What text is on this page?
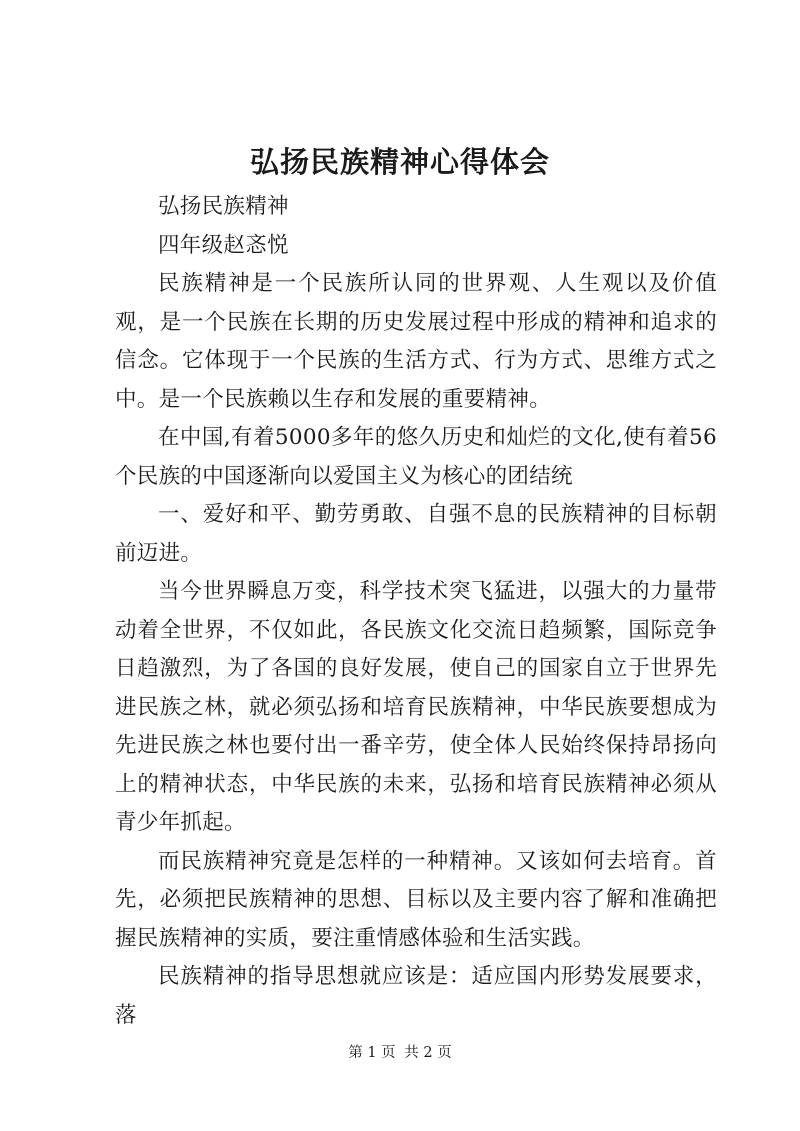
弘扬民族精神心得体会

弘扬民族精神

四年级赵忞悦

民族精神是一个民族所认同的世界观、人生观以及价值观，是一个民族在长期的历史发展过程中形成的精神和追求的信念。它体现于一个民族的生活方式、行为方式、思维方式之中。是一个民族赖以生存和发展的重要精神。

在中国,有着5000多年的悠久历史和灿烂的文化,使有着56个民族的中国逐渐向以爱国主义为核心的团结统

一、爱好和平、勤劳勇敢、自强不息的民族精神的目标朝前迈进。

当今世界瞬息万变，科学技术突飞猛进，以强大的力量带动着全世界，不仅如此，各民族文化交流日趋频繁，国际竞争日趋激烈，为了各国的良好发展，使自己的国家自立于世界先进民族之林，就必须弘扬和培育民族精神，中华民族要想成为先进民族之林也要付出一番辛劳，使全体人民始终保持昂扬向上的精神状态，中华民族的未来，弘扬和培育民族精神必须从青少年抓起。

而民族精神究竟是怎样的一种精神。又该如何去培育。首先，必须把民族精神的思想、目标以及主要内容了解和准确把握民族精神的实质，要注重情感体验和生活实践。

民族精神的指导思想就应该是：适应国内形势发展要求，落

第 1 页 共 2 页
